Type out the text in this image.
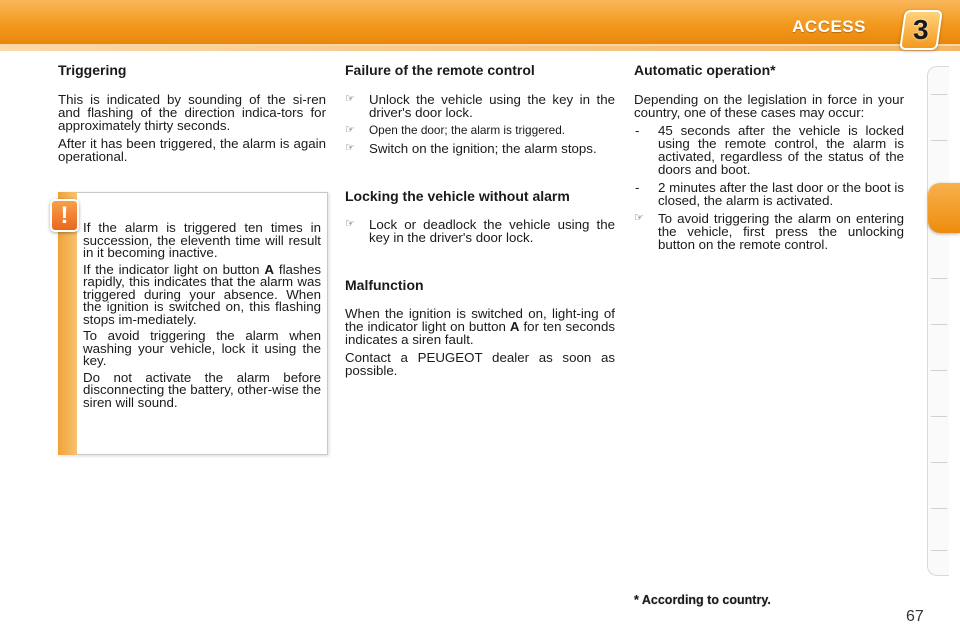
ACCESS 3
Triggering

This is indicated by sounding of the si-ren and flashing of the direction indica-tors for approximately thirty seconds.

After it has been triggered, the alarm is again operational.

! If the alarm is triggered ten times in succession, the eleventh time will result in it becoming inactive.

If the indicator light on button A flashes rapidly, this indicates that the alarm was triggered during your absence. When the ignition is switched on, this flashing stops im-mediately.

To avoid triggering the alarm when washing your vehicle, lock it using the key.

Do not activate the alarm before disconnecting the battery, other-wise the siren will sound.

Failure of the remote control
☞ Unlock the vehicle using the key in the driver's door lock.
☞ Open the door; the alarm is triggered.
☞ Switch on the ignition; the alarm stops.
Locking the vehicle without alarm
☞ Lock or deadlock the vehicle using the key in the driver's door lock.
Malfunction

When the ignition is switched on, light-ing of the indicator light on button A for ten seconds indicates a siren fault.

Contact a PEUGEOT dealer as soon as possible.

Automatic operation*

Depending on the legislation in force in your country, one of these cases may occur:

- 45 seconds after the vehicle is locked using the remote control, the alarm is activated, regardless of the status of the doors and boot.
- 2 minutes after the last door or the boot is closed, the alarm is activated.
☞ To avoid triggering the alarm on entering the vehicle, first press the unlocking button on the remote control.
* According to country.
67
